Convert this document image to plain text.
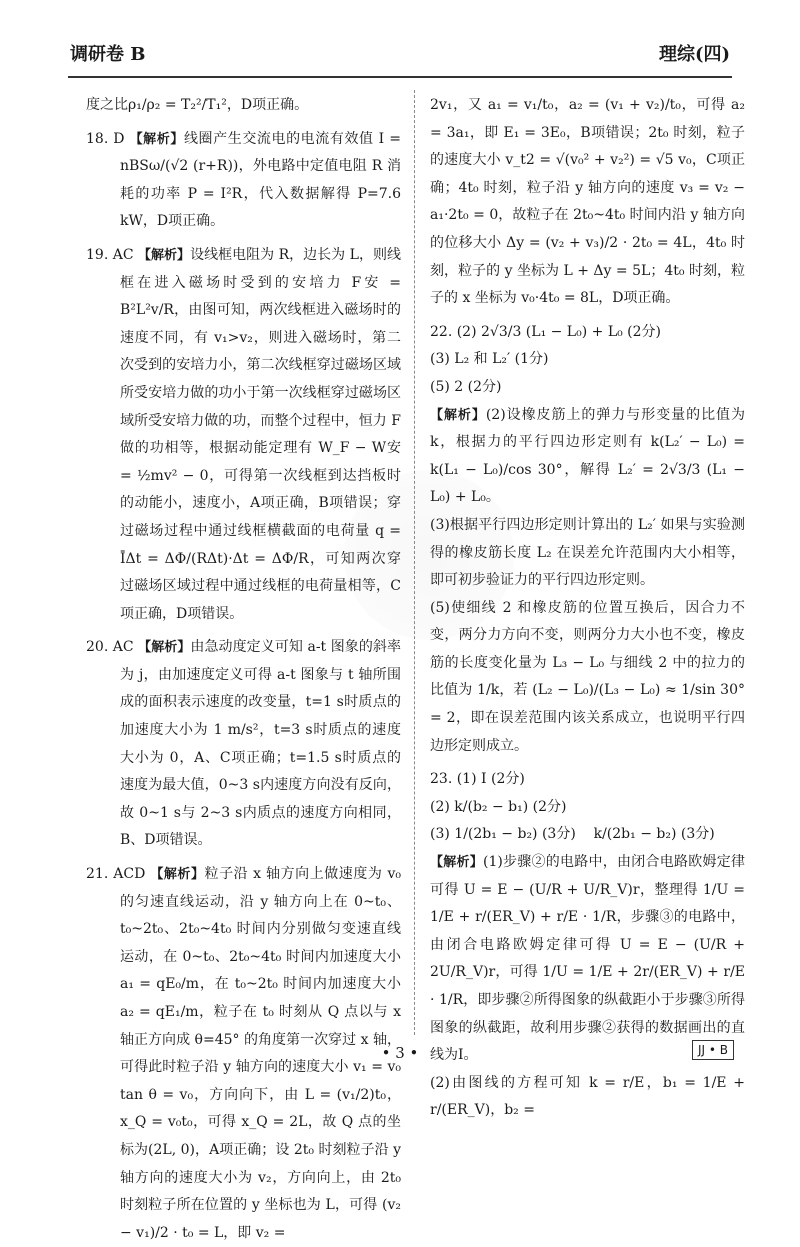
调研卷 B	理综(四)

度之比ρ₁/ρ₂ = T₂²/T₁²，D项正确。

18. D 【解析】线圈产生交流电的电流有效值 I = nBSω/(√2 (r+R))，外电路中定值电阻 R 消耗的功率 P = I²R，代入数据解得 P=7.6 kW，D项正确。

19. AC 【解析】设线框电阻为 R，边长为 L，则线框在进入磁场时受到的安培力 F安 = B²L²v/R，由图可知，两次线框进入磁场时的速度不同，有 v₁>v₂，则进入磁场时，第二次受到的安培力小，第二次线框穿过磁场区域所受安培力做的功小于第一次线框穿过磁场区域所受安培力做的功，而整个过程中，恒力 F 做的功相等，根据动能定理有 W_F − W安 = ½mv² − 0，可得第一次线框到达挡板时的动能小，速度小，A项正确，B项错误；穿过磁场过程中通过线框横截面的电荷量 q = ĪΔt = ΔΦ/(RΔt)·Δt = ΔΦ/R，可知两次穿过磁场区域过程中通过线框的电荷量相等，C项正确，D项错误。

20. AC 【解析】由急动度定义可知 a-t 图象的斜率为 j，由加速度定义可得 a-t 图象与 t 轴所围成的面积表示速度的改变量，t=1 s时质点的加速度大小为 1 m/s²，t=3 s时质点的速度大小为 0，A、C项正确；t=1.5 s时质点的速度为最大值，0~3 s内速度方向没有反向，故 0~1 s与 2~3 s内质点的速度方向相同，B、D项错误。

21. ACD 【解析】粒子沿 x 轴方向上做速度为 v₀ 的匀速直线运动，沿 y 轴方向上在 0~t₀、t₀~2t₀、2t₀~4t₀ 时间内分别做匀变速直线运动，在 0~t₀、2t₀~4t₀ 时间内加速度大小 a₁ = qE₀/m，在 t₀~2t₀ 时间内加速度大小 a₂ = qE₁/m，粒子在 t₀ 时刻从 Q 点以与 x 轴正方向成 θ=45° 的角度第一次穿过 x 轴，可得此时粒子沿 y 轴方向的速度大小 v₁ = v₀ tan θ = v₀，方向向下，由 L = (v₁/2)t₀，x_Q = v₀t₀，可得 x_Q = 2L，故 Q 点的坐标为(2L, 0)，A项正确；设 2t₀ 时刻粒子沿 y 轴方向的速度大小为 v₂，方向向上，由 2t₀ 时刻粒子所在位置的 y 坐标也为 L，可得 (v₂ − v₁)/2 · t₀ = L，即 v₂ =

2v₁，又 a₁ = v₁/t₀，a₂ = (v₁ + v₂)/t₀，可得 a₂ = 3a₁，即 E₁ = 3E₀，B项错误；2t₀ 时刻，粒子的速度大小 v_t2 = √(v₀² + v₂²) = √5 v₀，C项正确；4t₀ 时刻，粒子沿 y 轴方向的速度 v₃ = v₂ − a₁·2t₀ = 0，故粒子在 2t₀~4t₀ 时间内沿 y 轴方向的位移大小 Δy = (v₂ + v₃)/2 · 2t₀ = 4L，4t₀ 时刻，粒子的 y 坐标为 L + Δy = 5L；4t₀ 时刻，粒子的 x 坐标为 v₀·4t₀ = 8L，D项正确。

22. (2) 2√3/3 (L₁ − L₀) + L₀ (2分)

(3) L₂ 和 L₂′ (1分)

(5) 2 (2分)

【解析】(2)设橡皮筋上的弹力与形变量的比值为 k，根据力的平行四边形定则有 k(L₂′ − L₀) = k(L₁ − L₀)/cos 30°，解得 L₂′ = 2√3/3 (L₁ − L₀) + L₀。

(3)根据平行四边形定则计算出的 L₂′ 如果与实验测得的橡皮筋长度 L₂ 在误差允许范围内大小相等，即可初步验证力的平行四边形定则。

(5)使细线 2 和橡皮筋的位置互换后，因合力不变，两分力方向不变，则两分力大小也不变，橡皮筋的长度变化量为 L₃ − L₀ 与细线 2 中的拉力的比值为 1/k，若 (L₂ − L₀)/(L₃ − L₀) ≈ 1/sin 30° = 2，即在误差范围内该关系成立，也说明平行四边形定则成立。

23. (1) Ⅰ (2分)

(2) k/(b₂ − b₁) (2分)

(3) 1/(2b₁ − b₂) (3分)    k/(2b₁ − b₂) (3分)

【解析】(1)步骤②的电路中，由闭合电路欧姆定律可得 U = E − (U/R + U/R_V)r，整理得 1/U = 1/E + r/(ER_V) + r/E · 1/R，步骤③的电路中，由闭合电路欧姆定律可得 U = E − (U/R + 2U/R_V)r，可得 1/U = 1/E + 2r/(ER_V) + r/E · 1/R，即步骤②所得图象的纵截距小于步骤③所得图象的纵截距，故利用步骤②获得的数据画出的直线为Ⅰ。

(2)由图线的方程可知 k = r/E，b₁ = 1/E + r/(ER_V)，b₂ =

• 3 •	JJ • B
